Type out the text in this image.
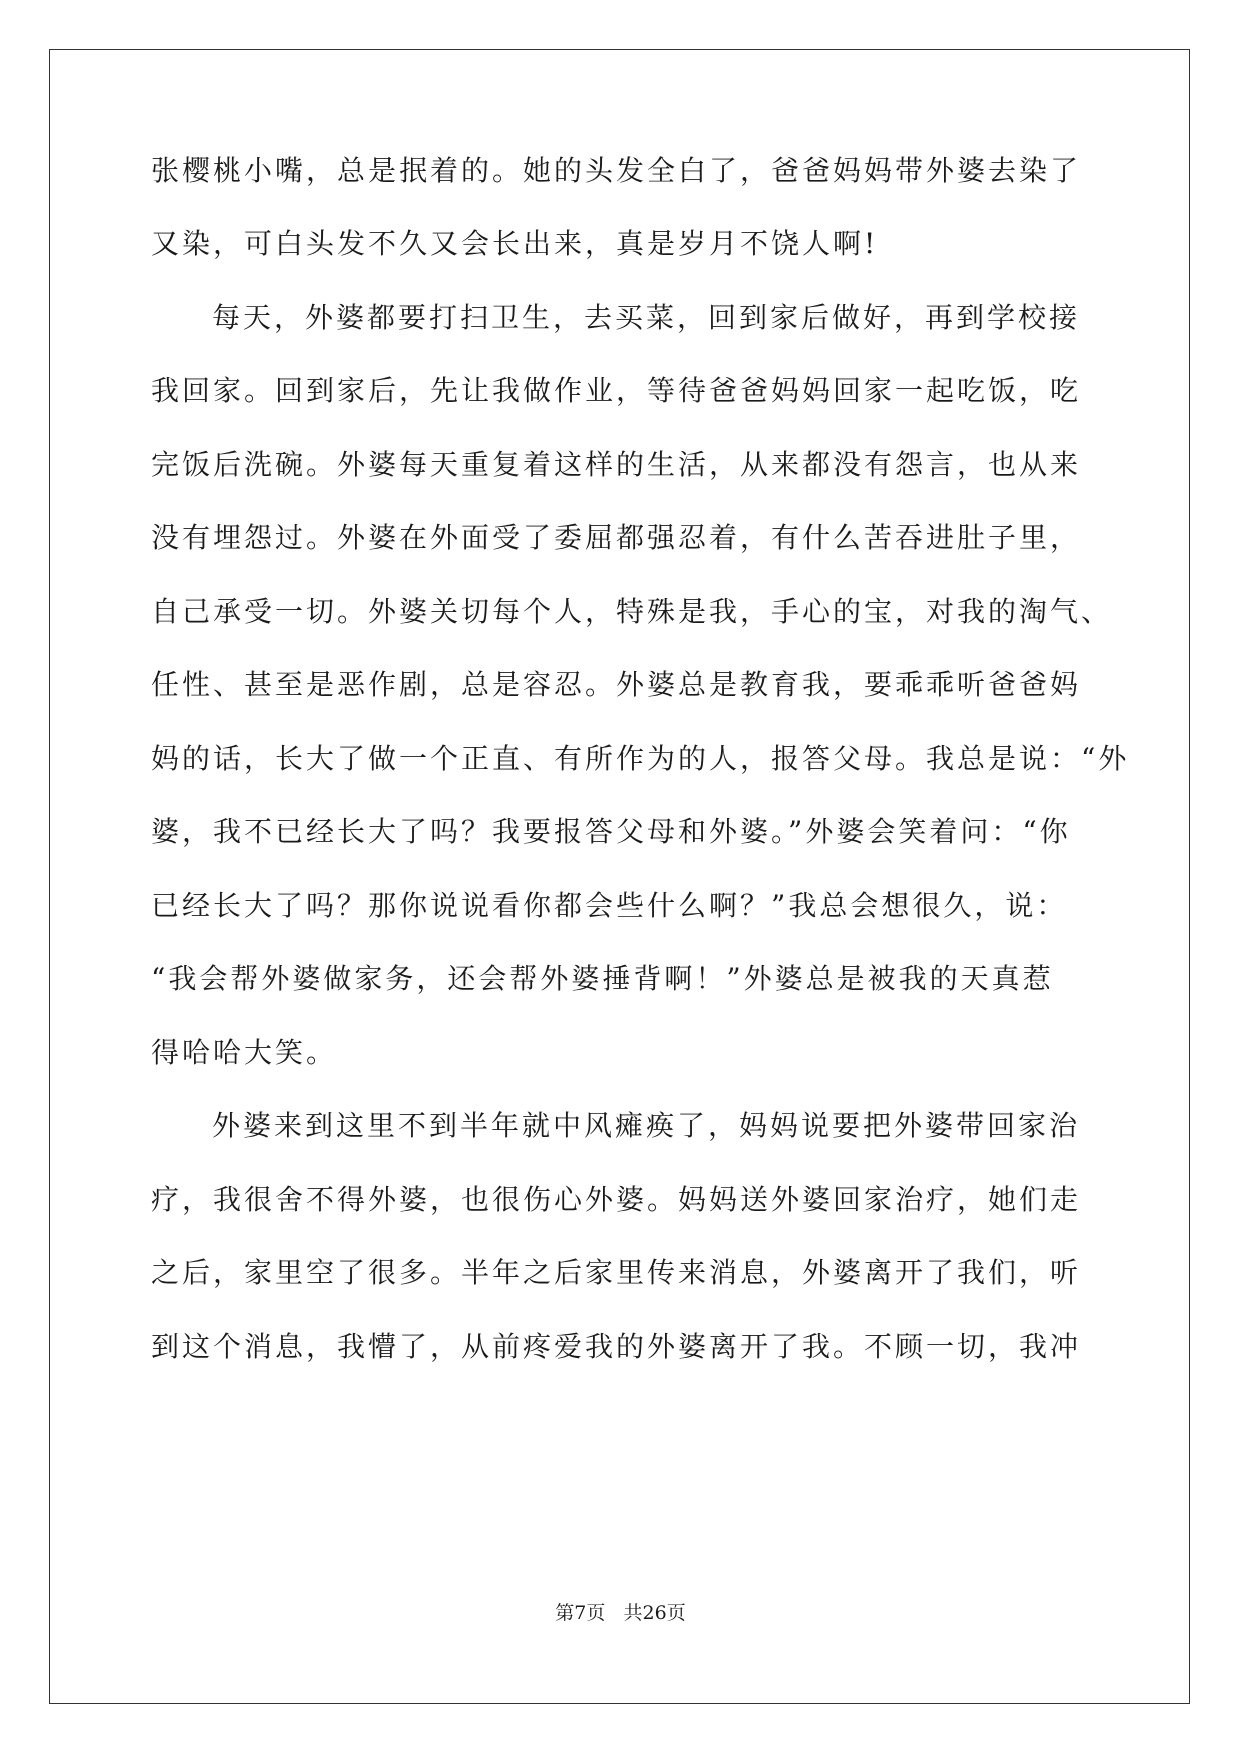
张樱桃小嘴，总是抿着的。她的头发全白了，爸爸妈妈带外婆去染了
又染，可白头发不久又会长出来，真是岁月不饶人啊!
每天，外婆都要打扫卫生，去买菜，回到家后做好，再到学校接
我回家。回到家后，先让我做作业，等待爸爸妈妈回家一起吃饭，吃
完饭后洗碗。外婆每天重复着这样的生活，从来都没有怨言，也从来
没有埋怨过。外婆在外面受了委屈都强忍着，有什么苦吞进肚子里，
自己承受一切。外婆关切每个人，特殊是我，手心的宝，对我的淘气、
任性、甚至是恶作剧，总是容忍。外婆总是教育我，要乖乖听爸爸妈
妈的话，长大了做一个正直、有所作为的人，报答父母。我总是说：“外
婆，我不已经长大了吗？我要报答父母和外婆。”外婆会笑着问：“你
已经长大了吗？那你说说看你都会些什么啊？”我总会想很久，说：
“我会帮外婆做家务，还会帮外婆捶背啊！”外婆总是被我的天真惹
得哈哈大笑。
外婆来到这里不到半年就中风瘫痪了，妈妈说要把外婆带回家治
疗，我很舍不得外婆，也很伤心外婆。妈妈送外婆回家治疗，她们走
之后，家里空了很多。半年之后家里传来消息，外婆离开了我们，听
到这个消息，我懵了，从前疼爱我的外婆离开了我。不顾一切，我冲
第7页 共26页
